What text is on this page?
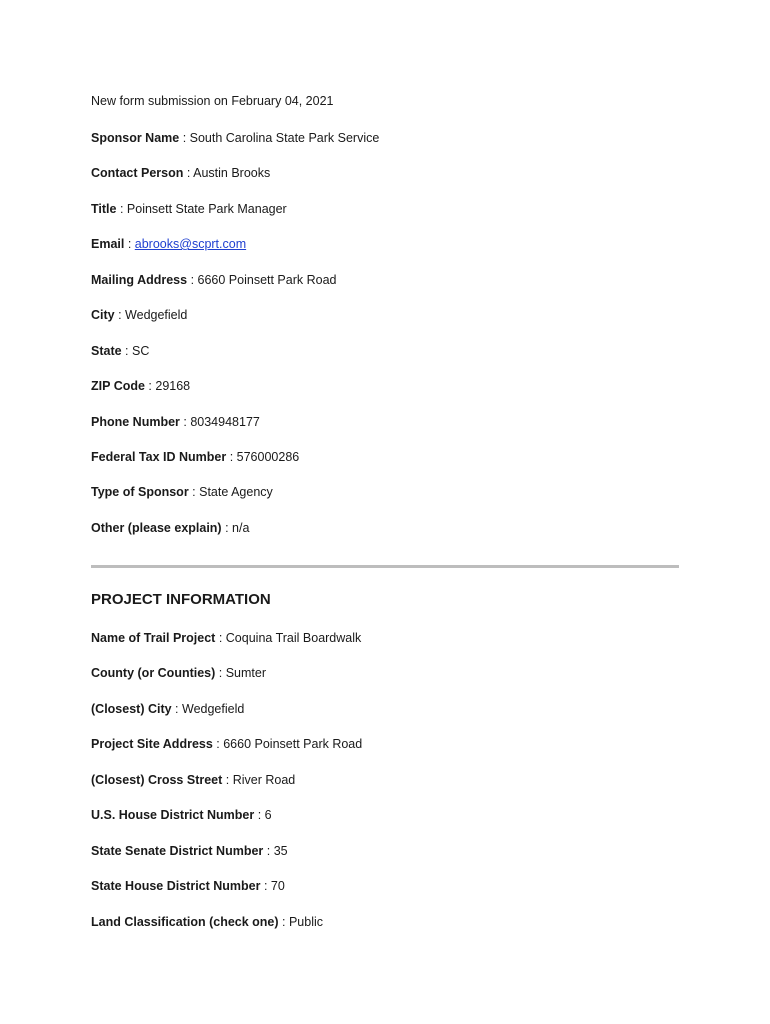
New form submission on February 04, 2021
Sponsor Name : South Carolina State Park Service
Contact Person : Austin Brooks
Title : Poinsett State Park Manager
Email : abrooks@scprt.com
Mailing Address : 6660 Poinsett Park Road
City : Wedgefield
State : SC
ZIP Code : 29168
Phone Number : 8034948177
Federal Tax ID Number : 576000286
Type of Sponsor : State Agency
Other (please explain) : n/a
PROJECT INFORMATION
Name of Trail Project : Coquina Trail Boardwalk
County (or Counties) : Sumter
(Closest) City : Wedgefield
Project Site Address : 6660 Poinsett Park Road
(Closest) Cross Street : River Road
U.S. House District Number : 6
State Senate District Number : 35
State House District Number : 70
Land Classification (check one) : Public
